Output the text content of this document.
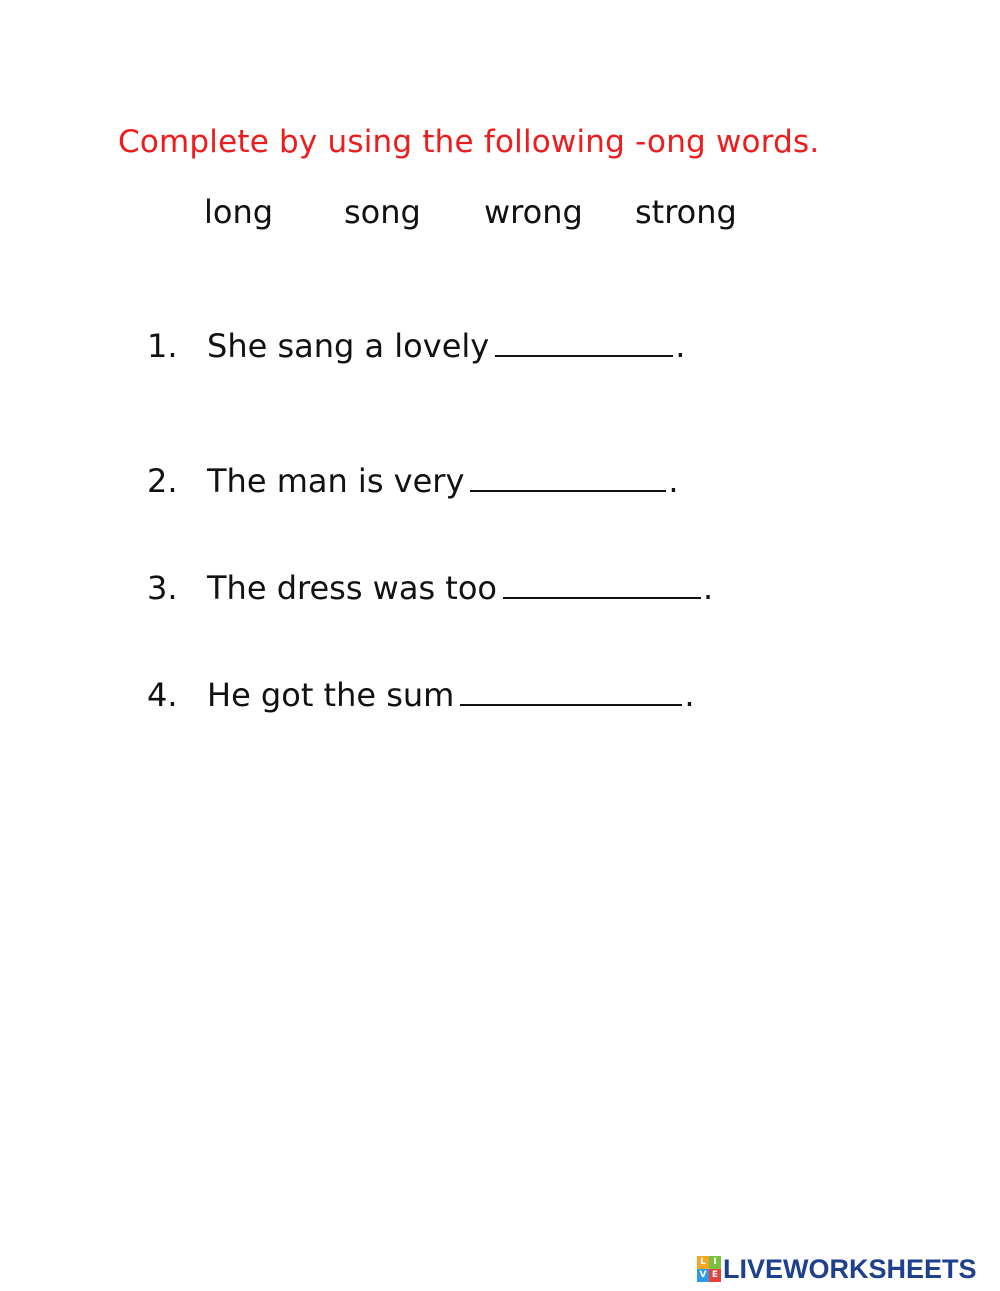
Complete by using the following -ong words.
long song wrong strong
1. She sang a lovely	.
2. The man is very	.
3. The dress was too	.
4. He got the sum	.
L I
V E LIVEWORKSHEETS
